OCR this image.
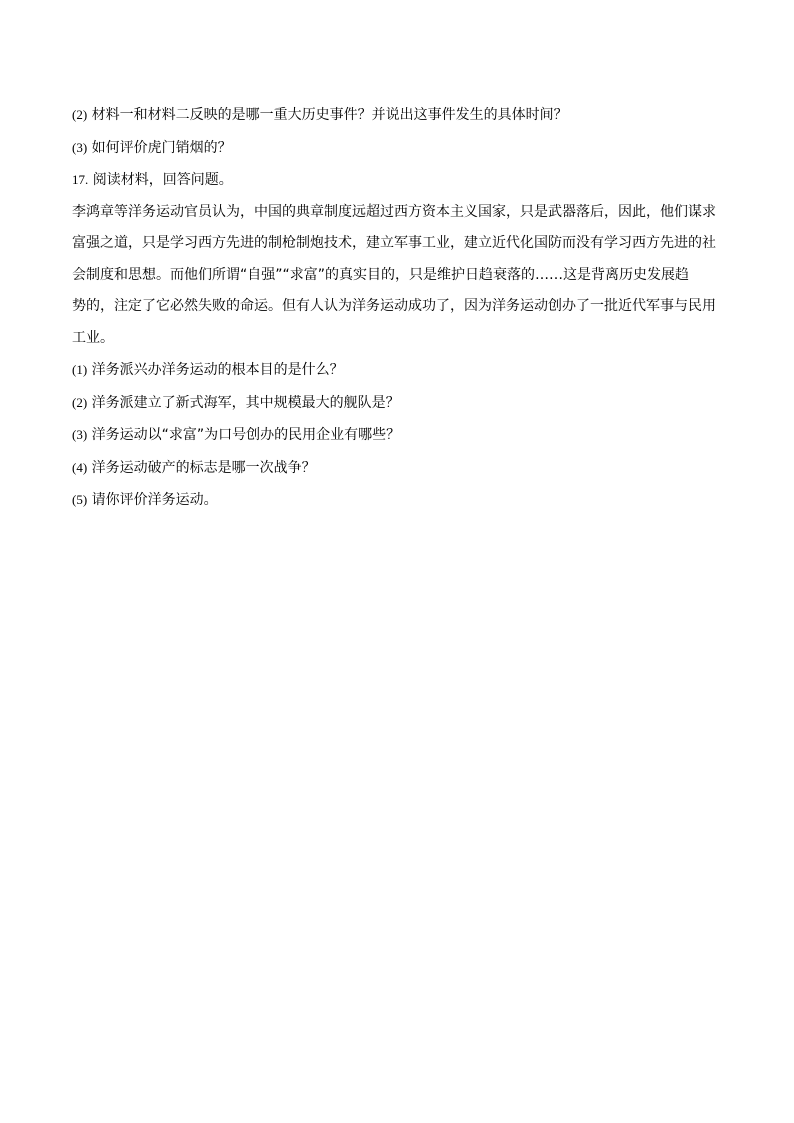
(2) 材料一和材料二反映的是哪一重大历史事件？并说出这事件发生的具体时间？
(3) 如何评价虎门销烟的？
17. 阅读材料，回答问题。
李鸿章等洋务运动官员认为，中国的典章制度远超过西方资本主义国家，只是武器落后，因此，他们谋求
富强之道，只是学习西方先进的制枪制炮技术，建立军事工业，建立近代化国防而没有学习西方先进的社
会制度和思想。而他们所谓“自强”“求富”的真实目的，只是维护日趋衰落的……这是背离历史发展趋
势的，注定了它必然失败的命运。但有人认为洋务运动成功了，因为洋务运动创办了一批近代军事与民用
工业。
(1) 洋务派兴办洋务运动的根本目的是什么？
(2) 洋务派建立了新式海军，其中规模最大的舰队是？
(3) 洋务运动以“求富”为口号创办的民用企业有哪些？
(4) 洋务运动破产的标志是哪一次战争？
(5) 请你评价洋务运动。
